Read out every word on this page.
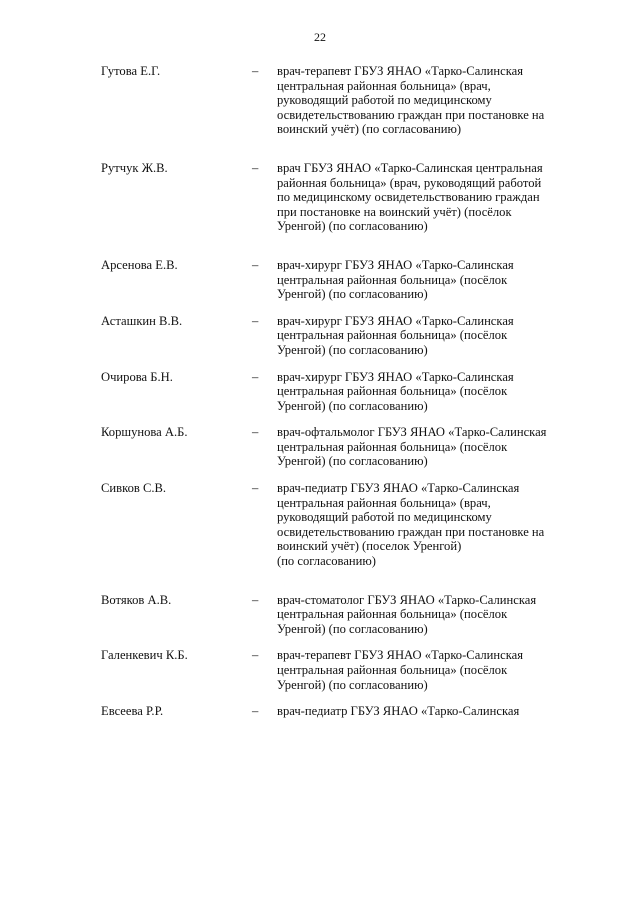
22
Гутова Е.Г.	–	врач-терапевт ГБУЗ ЯНАО «Тарко-Салинская
центральная районная больница» (врач,
руководящий работой по медицинскому
освидетельствованию граждан при постановке на
воинский учёт) (по согласованию)
Рутчук Ж.В.	–	врач ГБУЗ ЯНАО «Тарко-Салинская центральная
районная больница» (врач, руководящий работой
по медицинскому освидетельствованию граждан
при постановке на воинский учёт) (посёлок
Уренгой) (по согласованию)
Арсенова Е.В.	–	врач-хирург ГБУЗ ЯНАО «Тарко-Салинская
центральная районная больница» (посёлок
Уренгой) (по согласованию)
Асташкин В.В.	–	врач-хирург ГБУЗ ЯНАО «Тарко-Салинская
центральная районная больница» (посёлок
Уренгой) (по согласованию)
Очирова Б.Н.	–	врач-хирург ГБУЗ ЯНАО «Тарко-Салинская
центральная районная больница» (посёлок
Уренгой) (по согласованию)
Коршунова А.Б.	–	врач-офтальмолог ГБУЗ ЯНАО «Тарко-Салинская
центральная районная больница» (посёлок
Уренгой) (по согласованию)
Сивков С.В.	–	врач-педиатр ГБУЗ ЯНАО «Тарко-Салинская
центральная районная больница» (врач,
руководящий работой по медицинскому
освидетельствованию граждан при постановке на
воинский учёт) (поселок Уренгой)
(по согласованию)
Вотяков А.В.	–	врач-стоматолог ГБУЗ ЯНАО «Тарко-Салинская
центральная районная больница» (посёлок
Уренгой) (по согласованию)
Галенкевич К.Б.	–	врач-терапевт ГБУЗ ЯНАО «Тарко-Салинская
центральная районная больница» (посёлок
Уренгой) (по согласованию)
Евсеева Р.Р.	–	врач-педиатр ГБУЗ ЯНАО «Тарко-Салинская
